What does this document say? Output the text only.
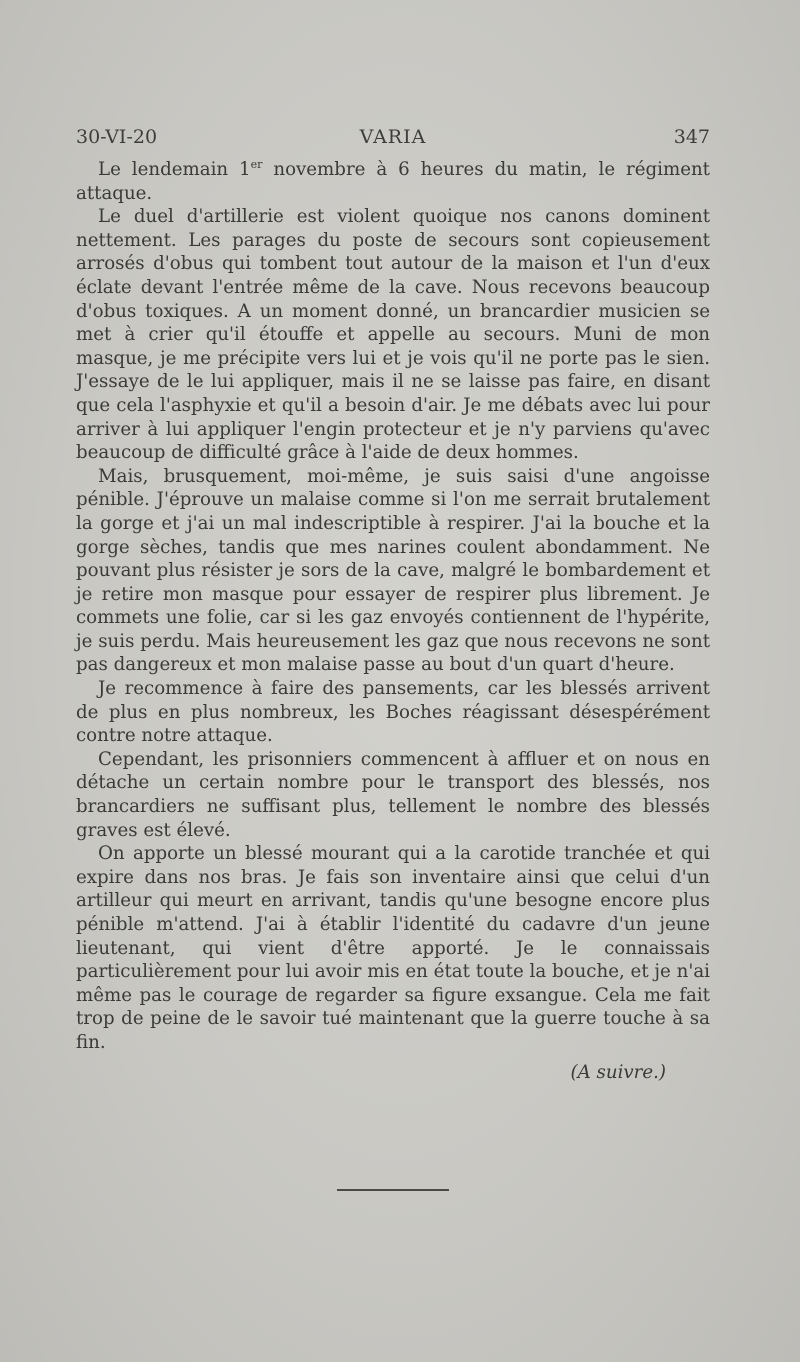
30-VI-20	VARIA	347

Le lendemain 1er novembre à 6 heures du matin, le régiment attaque.

Le duel d'artillerie est violent quoique nos canons dominent nettement. Les parages du poste de secours sont copieusement arrosés d'obus qui tombent tout autour de la maison et l'un d'eux éclate devant l'entrée même de la cave. Nous recevons beaucoup d'obus toxiques. A un moment donné, un brancardier musicien se met à crier qu'il étouffe et appelle au secours. Muni de mon masque, je me précipite vers lui et je vois qu'il ne porte pas le sien. J'essaye de le lui appliquer, mais il ne se laisse pas faire, en disant que cela l'asphyxie et qu'il a besoin d'air. Je me débats avec lui pour arriver à lui appliquer l'engin protecteur et je n'y parviens qu'avec beaucoup de difficulté grâce à l'aide de deux hommes.

Mais, brusquement, moi-même, je suis saisi d'une angoisse pénible. J'éprouve un malaise comme si l'on me serrait brutalement la gorge et j'ai un mal indescriptible à respirer. J'ai la bouche et la gorge sèches, tandis que mes narines coulent abondamment. Ne pouvant plus résister je sors de la cave, malgré le bombardement et je retire mon masque pour essayer de respirer plus librement. Je commets une folie, car si les gaz envoyés contiennent de l'hypérite, je suis perdu. Mais heureusement les gaz que nous recevons ne sont pas dangereux et mon malaise passe au bout d'un quart d'heure.

Je recommence à faire des pansements, car les blessés arrivent de plus en plus nombreux, les Boches réagissant désespérément contre notre attaque.

Cependant, les prisonniers commencent à affluer et on nous en détache un certain nombre pour le transport des blessés, nos brancardiers ne suffisant plus, tellement le nombre des blessés graves est élevé.

On apporte un blessé mourant qui a la carotide tranchée et qui expire dans nos bras. Je fais son inventaire ainsi que celui d'un artilleur qui meurt en arrivant, tandis qu'une besogne encore plus pénible m'attend. J'ai à établir l'identité du cadavre d'un jeune lieutenant, qui vient d'être apporté. Je le connaissais particulièrement pour lui avoir mis en état toute la bouche, et je n'ai même pas le courage de regarder sa figure exsangue. Cela me fait trop de peine de le savoir tué maintenant que la guerre touche à sa fin.

(A suivre.)
